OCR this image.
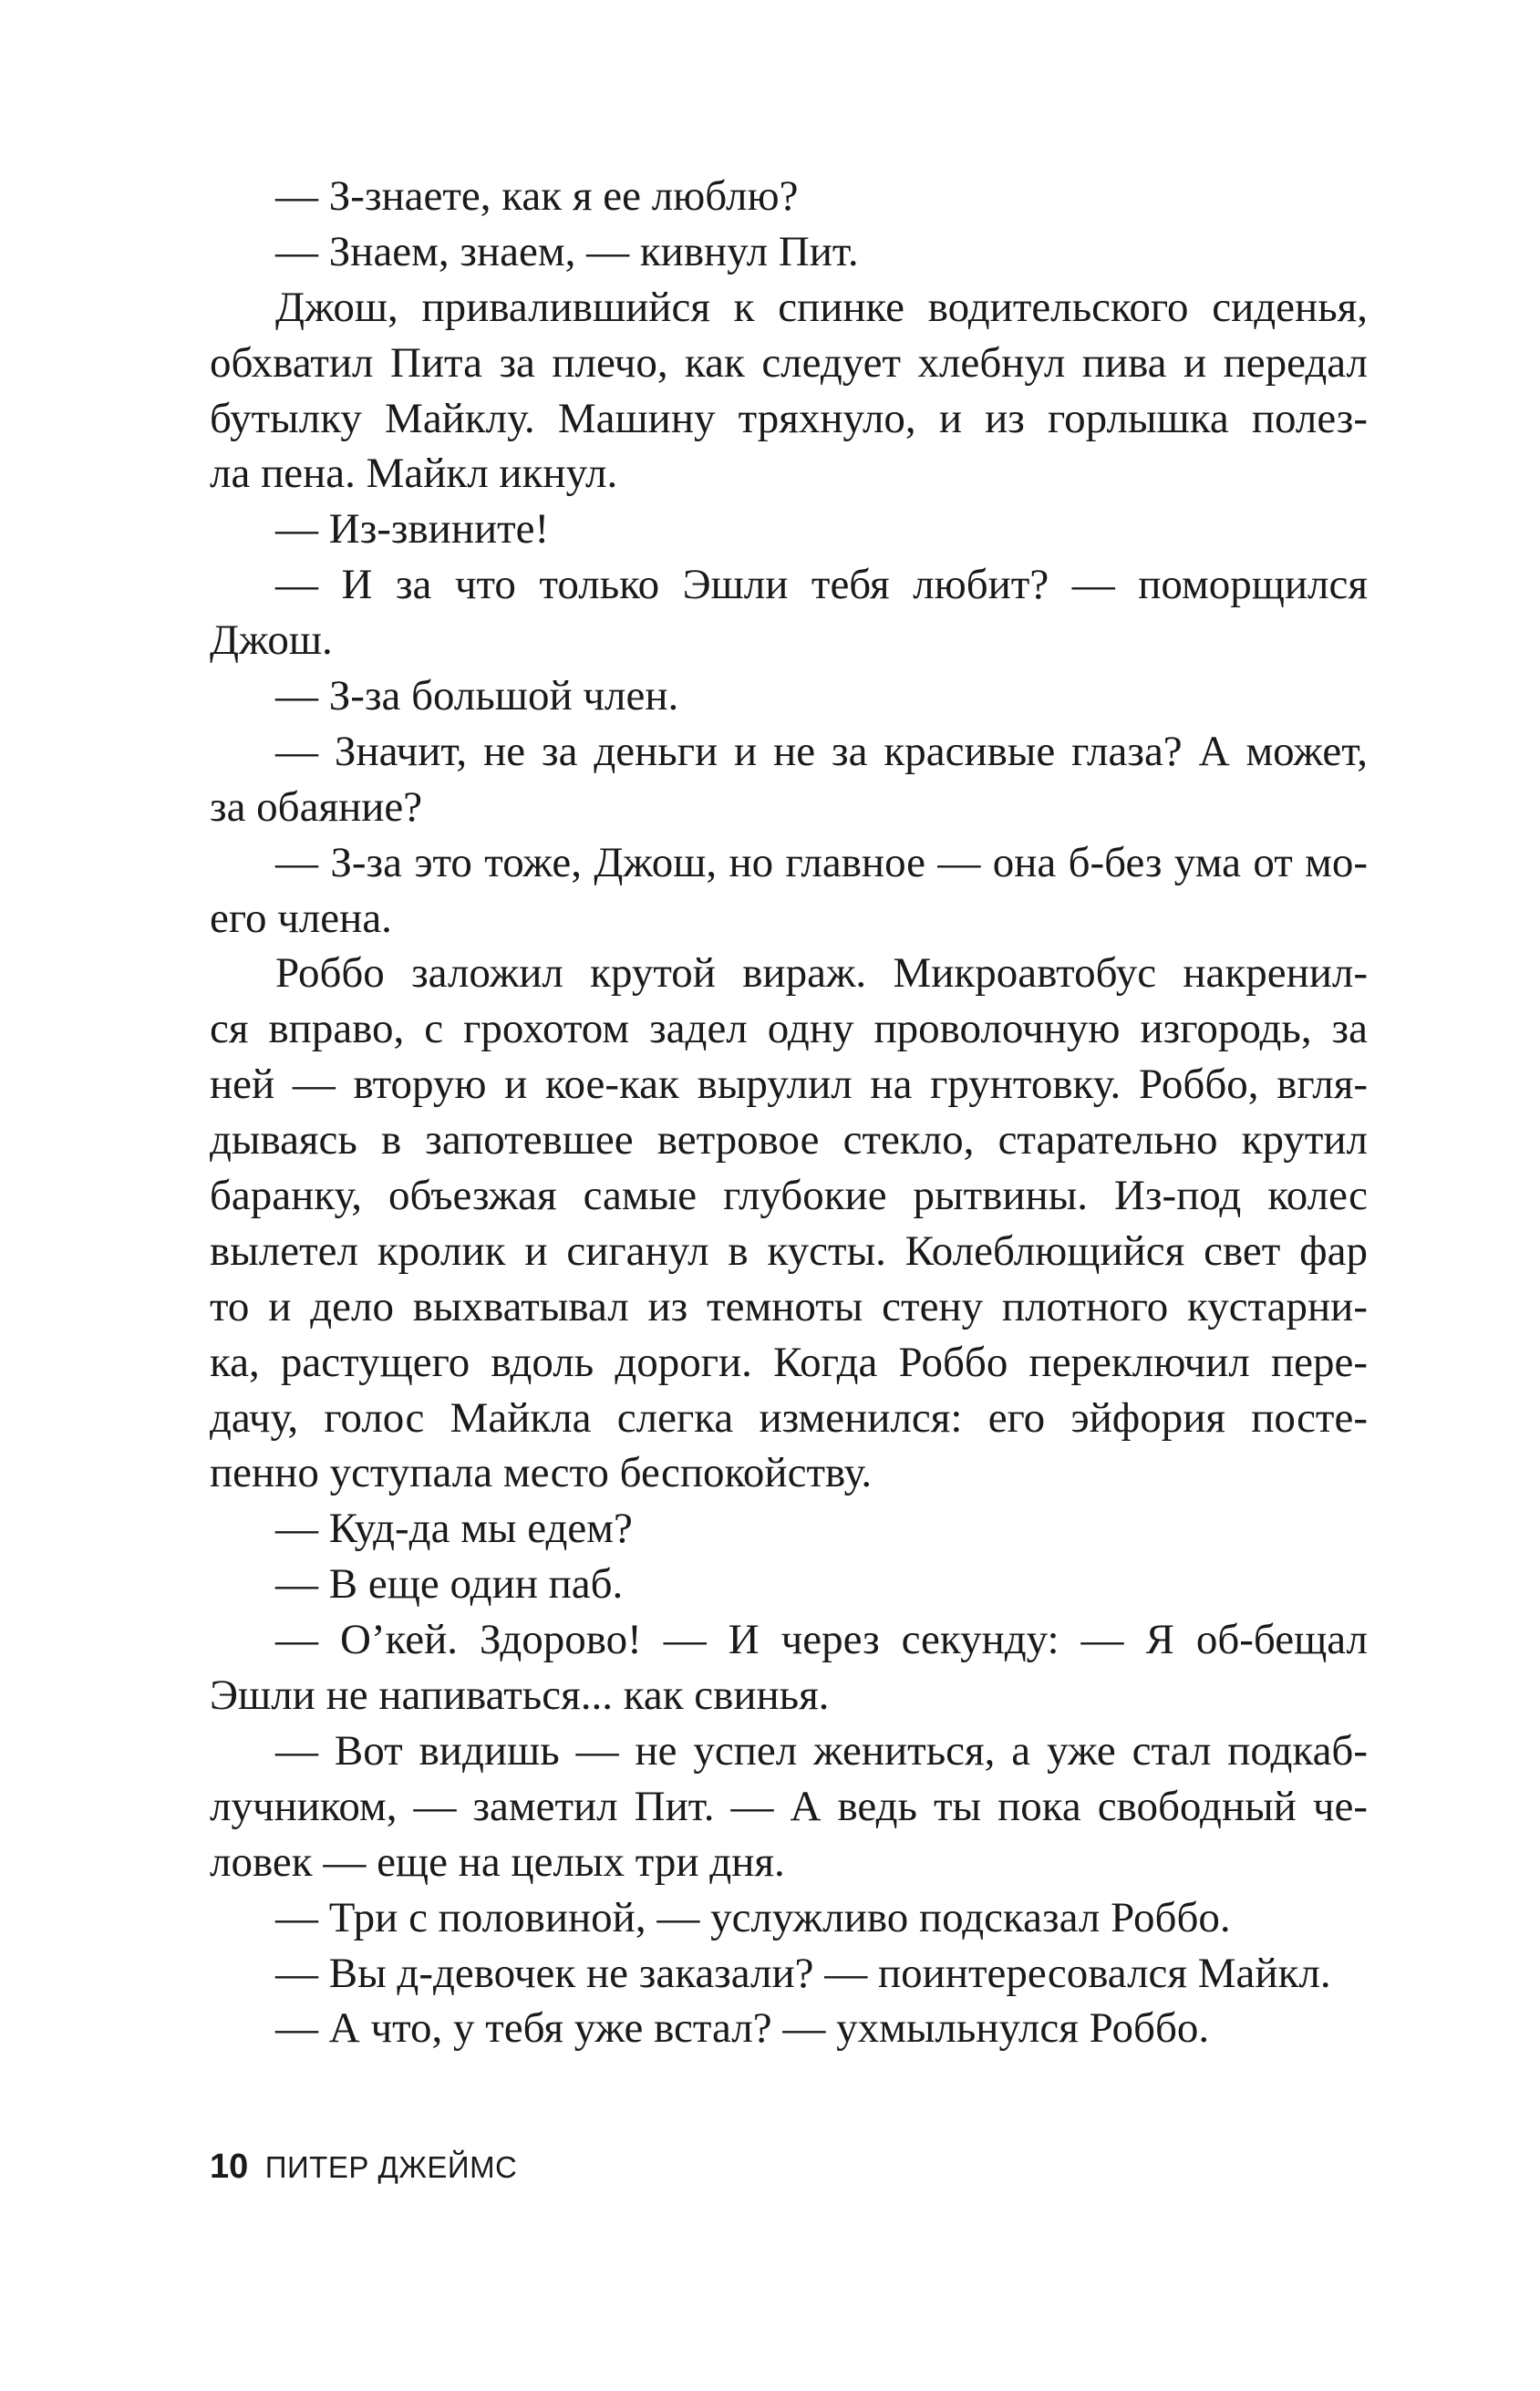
— З-знаете, как я ее люблю?
— Знаем, знаем, — кивнул Пит.
Джош, привалившийся к спинке водительского сиденья,
обхватил Пита за плечо, как следует хлебнул пива и передал
бутылку Майклу. Машину тряхнуло, и из горлышка полез-
ла пена. Майкл икнул.
— Из-звините!
— И за что только Эшли тебя любит? — поморщился
Джош.
— З-за большой член.
— Значит, не за деньги и не за красивые глаза? А может,
за обаяние?
— З-за это тоже, Джош, но главное — она б-без ума от мо-
его члена.
Роббо заложил крутой вираж. Микроавтобус накренил-
ся вправо, с грохотом задел одну проволочную изгородь, за
ней — вторую и кое-как вырулил на грунтовку. Роббо, вгля-
дываясь в запотевшее ветровое стекло, старательно крутил
баранку, объезжая самые глубокие рытвины. Из-под колес
вылетел кролик и сиганул в кусты. Колеблющийся свет фар
то и дело выхватывал из темноты стену плотного кустарни-
ка, растущего вдоль дороги. Когда Роббо переключил пере-
дачу, голос Майкла слегка изменился: его эйфория посте-
пенно уступала место беспокойству.
— Куд-да мы едем?
— В еще один паб.
— О’кей. Здорово! — И через секунду: — Я об-бещал
Эшли не напиваться... как свинья.
— Вот видишь — не успел жениться, а уже стал подкаб-
лучником, — заметил Пит. — А ведь ты пока свободный че-
ловек — еще на целых три дня.
— Три с половиной, — услужливо подсказал Роббо.
— Вы д-девочек не заказали? — поинтересовался Майкл.
— А что, у тебя уже встал? — ухмыльнулся Роббо.
10 ПИТЕР ДЖЕЙМС
